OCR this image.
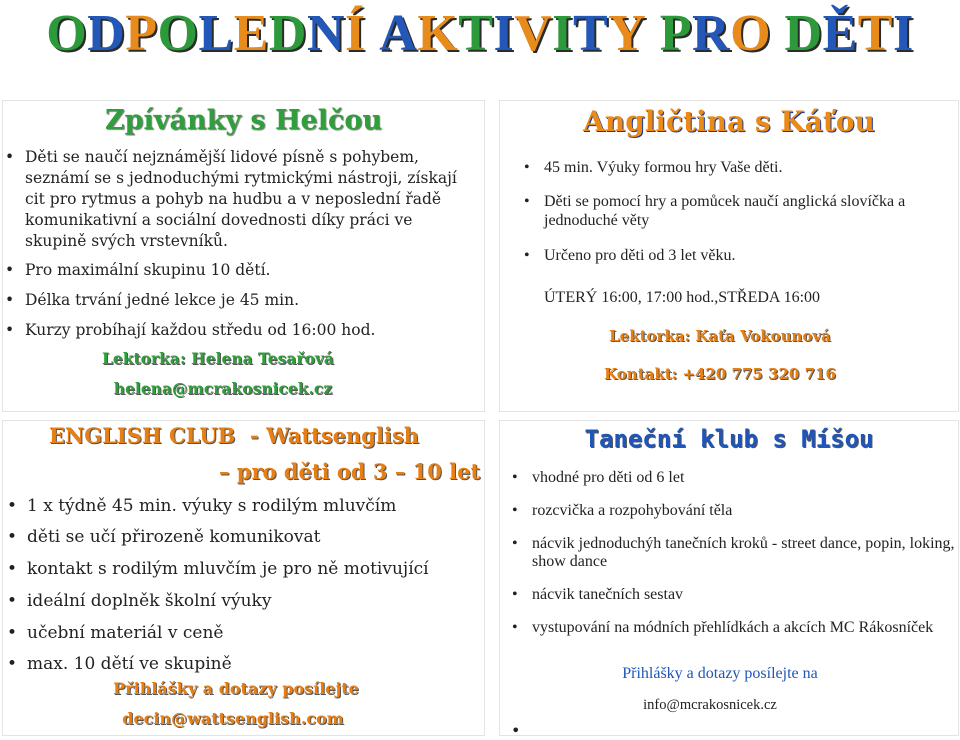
ODPOLEDNÍ AKTIVITY PRO DĚTI
Zpívánky s Helčou
• Děti se naučí nejznámější lidové písně s pohybem, seznámí se s jednoduchými rytmickými nástroji, získají cit pro rytmus a pohyb na hudbu a v neposlední řadě komunikativní a sociální dovednosti díky práci ve skupině svých vrstevníků.
• Pro maximální skupinu 10 dětí.
• Délka trvání jedné lekce je 45 min.
• Kurzy probíhají každou středu od 16:00 hod.
Lektorka: Helena Tesařová
helena@mcrakosnicek.cz
Angličtina s Káťou
• 45 min. Výuky formou hry Vaše děti.
• Děti se pomocí hry a pomůcek naučí anglická slovíčka a jednoduché věty
• Určeno pro děti od 3 let věku.
ÚTERÝ 16:00, 17:00 hod.,STŘEDA 16:00
Lektorka: Kaťa Vokounová
Kontakt: +420 775 320 716
ENGLISH CLUB  - Wattsenglish
– pro děti od 3 – 10 let
• 1 x týdně 45 min. výuky s rodilým mluvčím
• děti se učí přirozeně komunikovat
• kontakt s rodilým mluvčím je pro ně motivující
• ideální doplněk školní výuky
• učební materiál v ceně
• max. 10 dětí ve skupině
Přihlášky a dotazy posílejte
decin@wattsenglish.com
Taneční klub s Míšou
• vhodné pro děti od 6 let
• rozcvička a rozpohybování těla
• nácvik jednoduchýh tanečních kroků - street dance, popin, loking, show dance
• nácvik tanečních sestav
• vystupování na módních přehlídkách a akcích MC Rákosníček
Přihlášky a dotazy posílejte na
info@mcrakosnicek.cz
•
